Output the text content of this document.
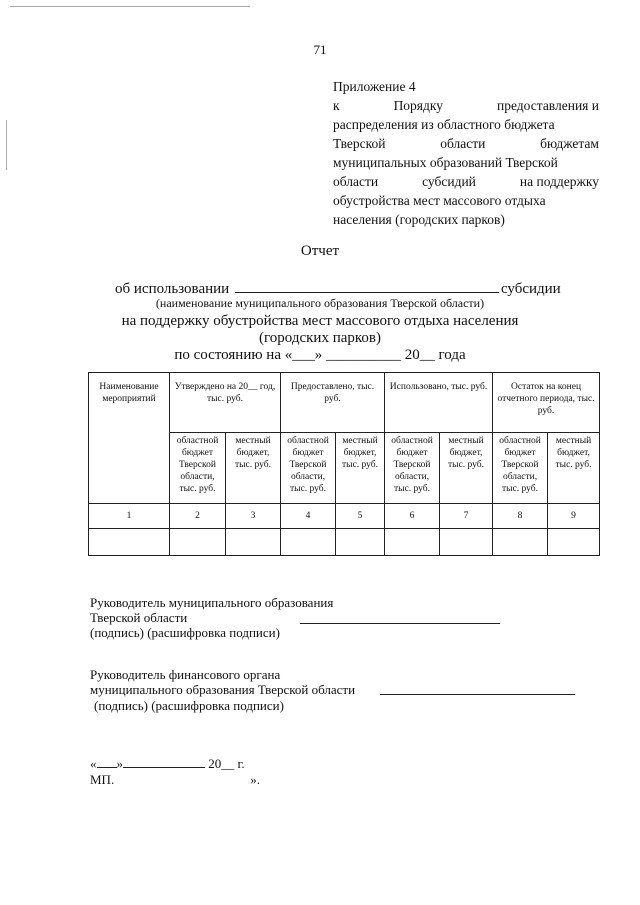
71
Приложение 4
к	Порядку	предоставления и
распределения из областного бюджета
Тверской	области	бюджетам
муниципальных образований Тверской
области	субсидий	на поддержку
обустройства мест массового отдыха
населения (городских парков)
Отчет
об использовании	субсидии
(наименование муниципального образования Тверской области)
на поддержку обустройства мест массового отдыха населения
(городских парков)
по состоянию на «___» __________ 20__ года
Наименование мероприятий	Утверждено на 20__ год, тыс. руб.		Предоставлено, тыс. руб.		Использовано, тыс. руб.		Остаток на конец отчетного периода, тыс. руб.	
	областной бюджет Тверской области, тыс. руб.	местный бюджет, тыс. руб.	областной бюджет Тверской области, тыс. руб.	местный бюджет, тыс. руб.	областной бюджет Тверской области, тыс. руб.	местный бюджет, тыс. руб.	областной бюджет Тверской области, тыс. руб.	местный бюджет, тыс. руб.
1	2	3	4	5	6	7	8	9

Руководитель муниципального образования
Тверской области
(подпись) (расшифровка подписи)
Руководитель финансового органа
муниципального образования Тверской области
(подпись) (расшифровка подписи)
« »	20__ г.
МП.	».
